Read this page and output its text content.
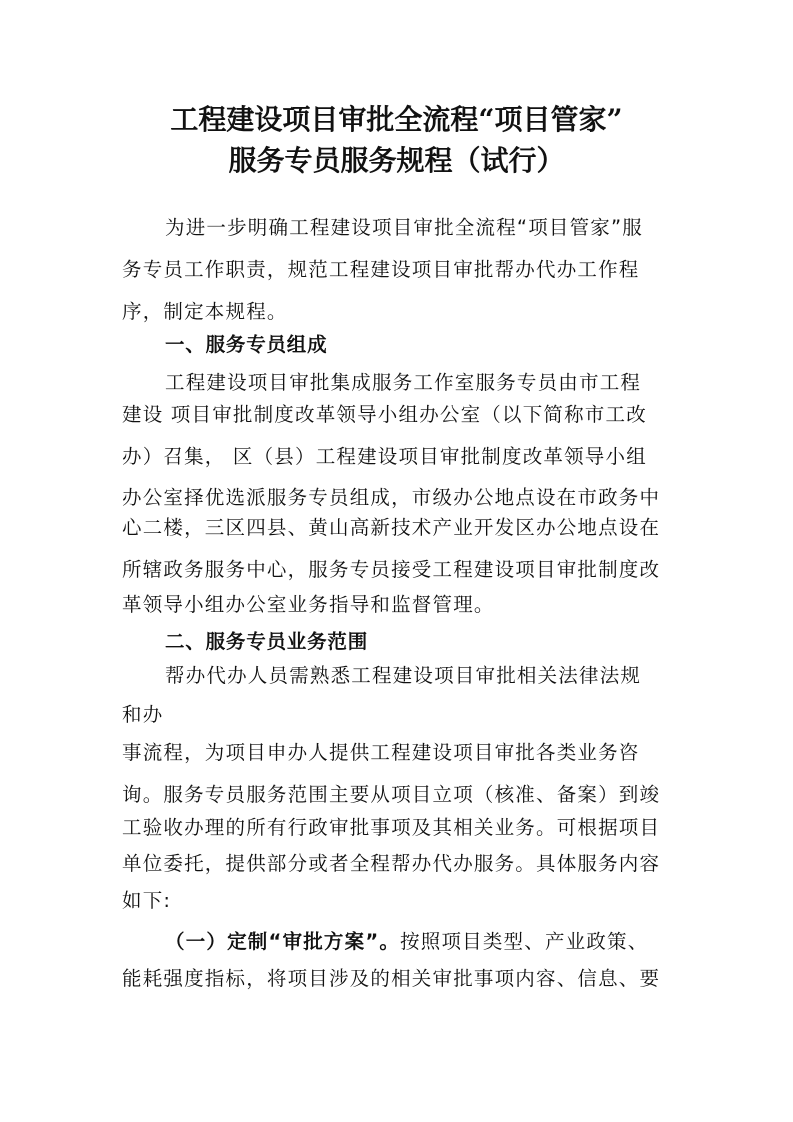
工程建设项目审批全流程“项目管家”
服务专员服务规程（试行）
为进一步明确工程建设项目审批全流程“项目管家”服
务专员工作职责，规范工程建设项目审批帮办代办工作程
序，制定本规程。
一、服务专员组成
工程建设项目审批集成服务工作室服务专员由市工程
建设 项目审批制度改革领导小组办公室（以下简称市工改
办）召集， 区（县）工程建设项目审批制度改革领导小组
办公室择优选派服务专员组成，市级办公地点设在市政务中
心二楼，三区四县、黄山高新技术产业开发区办公地点设在
所辖政务服务中心，服务专员接受工程建设项目审批制度改
革领导小组办公室业务指导和监督管理。
二、服务专员业务范围
帮办代办人员需熟悉工程建设项目审批相关法律法规
和办
事流程，为项目申办人提供工程建设项目审批各类业务咨
询。服务专员服务范围主要从项目立项（核准、备案）到竣
工验收办理的所有行政审批事项及其相关业务。可根据项目
单位委托，提供部分或者全程帮办代办服务。具体服务内容
如下:
（一）定制“审批方案”。按照项目类型、产业政策、
能耗强度指标，将项目涉及的相关审批事项内容、信息、要
